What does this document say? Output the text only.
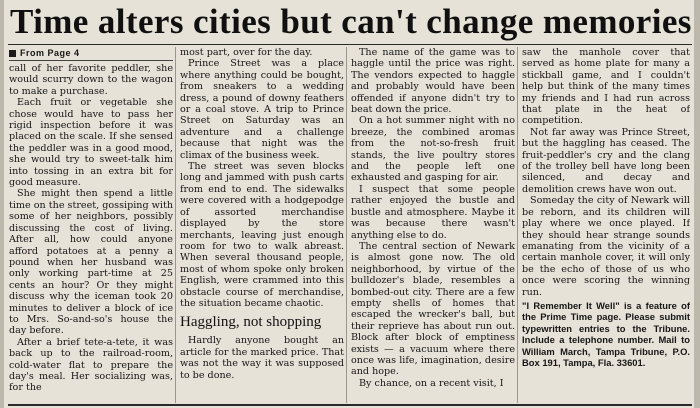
Time alters cities but can't change memories
From Page 4

call of her favorite peddler, she would scurry down to the wagon to make a purchase.

Each fruit or vegetable she chose would have to pass her rigid inspection before it was placed on the scale. If she sensed the peddler was in a good mood, she would try to sweet-talk him into tossing in an extra bit for good measure.

She might then spend a little time on the street, gossiping with some of her neighbors, possibly discussing the cost of living. After all, how could anyone afford potatoes at a penny a pound when her husband was only working part-time at 25 cents an hour? Or they might discuss why the iceman took 20 minutes to deliver a block of ice to Mrs. So-and-so's house the day before.

After a brief tete-a-tete, it was back up to the railroad-room, cold-water flat to prepare the day's meal. Her socializing was, for the

most part, over for the day.

Prince Street was a place where anything could be bought, from sneakers to a wedding dress, a pound of downy feathers or a coal stove. A trip to Prince Street on Saturday was an adventure and a challenge because that night was the climax of the business week.

The street was seven blocks long and jammed with push carts from end to end. The sidewalks were covered with a hodgepodge of assorted merchandise displayed by the store merchants, leaving just enough room for two to walk abreast. When several thousand people, most of whom spoke only broken English, were crammed into this obstacle course of merchandise, the situation became chaotic.

Haggling, not shopping

Hardly anyone bought an article for the marked price. That was not the way it was supposed to be done.

The name of the game was to haggle until the price was right. The vendors expected to haggle and probably would have been offended if anyone didn't try to beat down the price.

On a hot summer night with no breeze, the combined aromas from the not-so-fresh fruit stands, the live poultry stores and the people left one exhausted and gasping for air.

I suspect that some people rather enjoyed the bustle and bustle and atmosphere. Maybe it was because there wasn't anything else to do.

The central section of Newark is almost gone now. The old neighborhood, by virtue of the bulldozer's blade, resembles a bombed-out city. There are a few empty shells of homes that escaped the wrecker's ball, but their reprieve has about run out. Block after block of emptiness exists — a vacuum where there once was life, imagination, desire and hope.

By chance, on a recent visit, I

saw the manhole cover that served as home plate for many a stickball game, and I couldn't help but think of the many times my friends and I had run across that plate in the heat of competition.

Not far away was Prince Street, but the haggling has ceased. The fruit-peddler's cry and the clang of the trolley bell have long been silenced, and decay and demolition crews have won out.

Someday the city of Newark will be reborn, and its children will play where we once played. If they should hear strange sounds emanating from the vicinity of a certain manhole cover, it will only be the echo of those of us who once were scoring the winning run.

"I Remember It Well" is a feature of the Prime Time page. Please submit typewritten entries to the Tribune. Include a telephone number. Mail to William March, Tampa Tribune, P.O. Box 191, Tampa, Fla. 33601.
